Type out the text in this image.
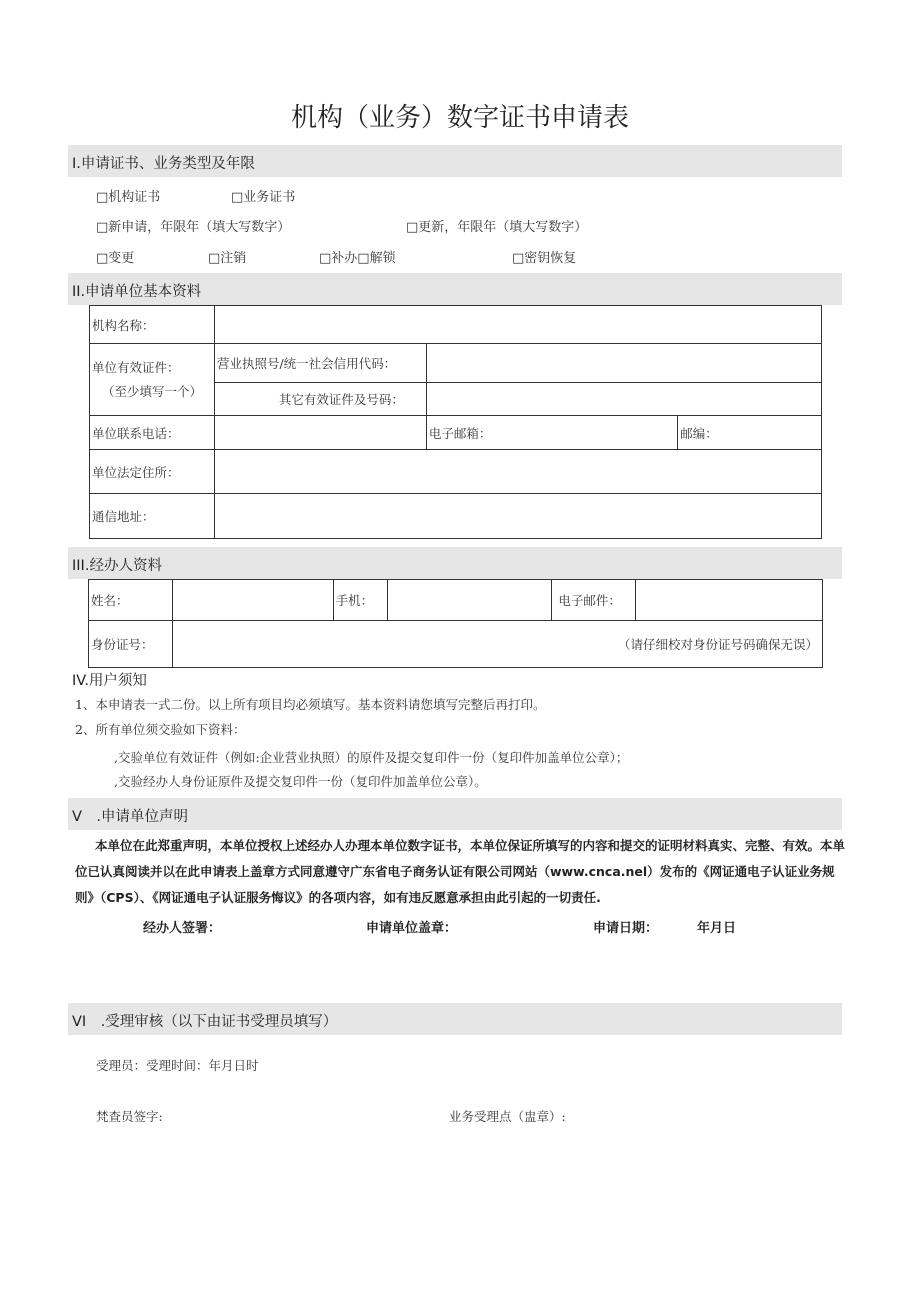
机构（业务）数字证书申请表
I.申请证书、业务类型及年限
□机构证书	□业务证书
□新申请，年限年（填大写数字）	□更新，年限年（填大写数字）
□变更	□注销	□补办□解锁	□密钥恢复
II.申请单位基本资料
机构名称：			

单位有效证件：
（至少填写一个）	营业执照号/统一社会信用代码：		
	其它有效证件及号码：		
单位联系电话：		电子邮箱：	邮编：
单位法定住所：			
通信地址：			
III.经办人资料
姓名：		手机：		电子邮件：	
身份证号：	（请仔细校对身份证号码确保无误）				
IV.用户须知
1、本申请表一式二份。以上所有项目均必须填写。基本资料请您填写完整后再打印。
2、所有单位须交验如下资料：
,交验单位有效证件（例如:企业营业执照）的原件及提交复印件一份（复印件加盖单位公章）；
,交验经办人身份证原件及提交复印件一份（复印件加盖单位公章）。
V　.申请单位声明
本单位在此郑重声明，本单位授权上述经办人办理本单位数字证书，本单位保证所填写的内容和提交的证明材料真实、完整、有效。本单位已认真阅读并以在此申请表上盖章方式同意遵守广东省电子商务认证有限公司网站（www.cnca.nel）发布的《网证通电子认证业务规则》（CPS）、《网证通电子认证服务悔议》的各项内容，如有违反愿意承担由此引起的一切责任.
经办人签署：	申请单位盖章：	申请日期：	年月日
VI　.受理审核（以下由证书受理员填写）
受理员：受理时间：年月日时
梵查员签字:	业务受理点（盅章）:
